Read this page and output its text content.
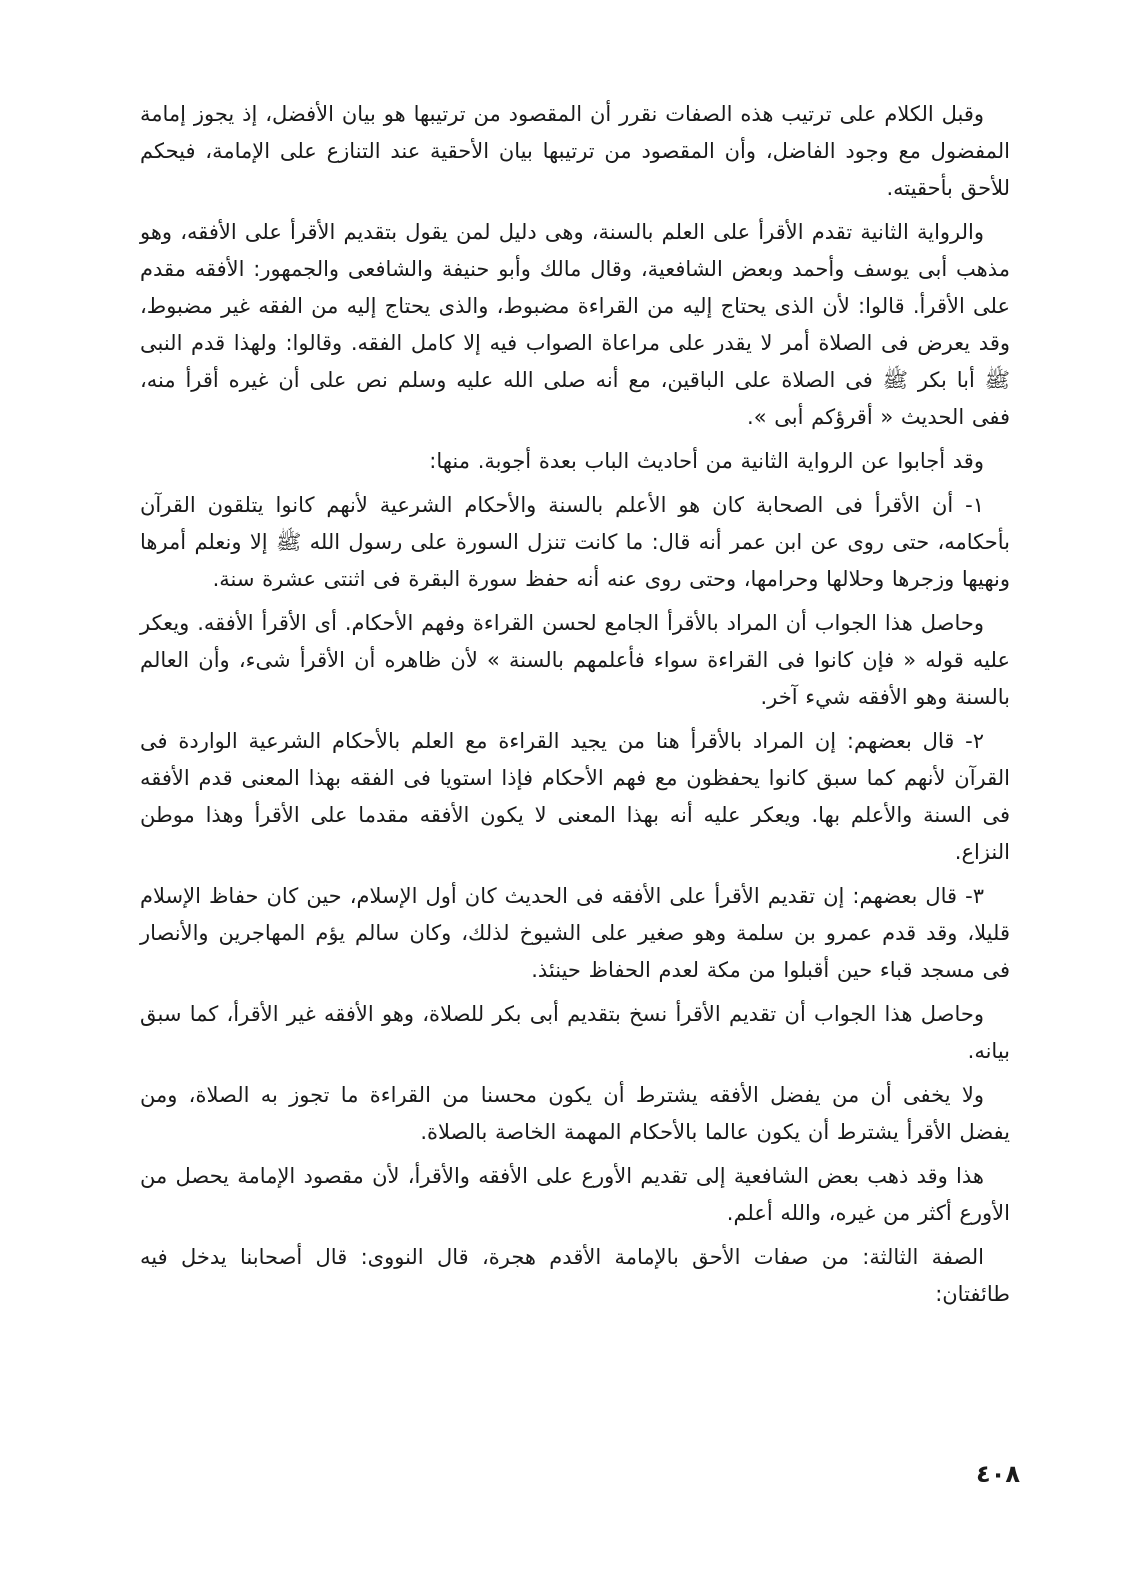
وقبل الكلام على ترتيب هذه الصفات نقرر أن المقصود من ترتيبها هو بيان الأفضل، إذ يجوز إمامة المفضول مع وجود الفاضل، وأن المقصود من ترتيبها بيان الأحقية عند التنازع على الإمامة، فيحكم للأحق بأحقيته.

والرواية الثانية تقدم الأقرأ على العلم بالسنة، وهى دليل لمن يقول بتقديم الأقرأ على الأفقه، وهو مذهب أبى يوسف وأحمد وبعض الشافعية، وقال مالك وأبو حنيفة والشافعى والجمهور: الأفقه مقدم على الأقرأ. قالوا: لأن الذى يحتاج إليه من القراءة مضبوط، والذى يحتاج إليه من الفقه غير مضبوط، وقد يعرض فى الصلاة أمر لا يقدر على مراعاة الصواب فيه إلا كامل الفقه. وقالوا: ولهذا قدم النبى ﷺ أبا بكر ﷺ فى الصلاة على الباقين، مع أنه صلى الله عليه وسلم نص على أن غيره أقرأ منه، ففى الحديث « أقرؤكم أبى ».

وقد أجابوا عن الرواية الثانية من أحاديث الباب بعدة أجوبة. منها:

١- أن الأقرأ فى الصحابة كان هو الأعلم بالسنة والأحكام الشرعية لأنهم كانوا يتلقون القرآن بأحكامه، حتى روى عن ابن عمر أنه قال: ما كانت تنزل السورة على رسول الله ﷺ إلا ونعلم أمرها ونهيها وزجرها وحلالها وحرامها، وحتى روى عنه أنه حفظ سورة البقرة فى اثنتى عشرة سنة.

وحاصل هذا الجواب أن المراد بالأقرأ الجامع لحسن القراءة وفهم الأحكام. أى الأقرأ الأفقه. ويعكر عليه قوله « فإن كانوا فى القراءة سواء فأعلمهم بالسنة » لأن ظاهره أن الأقرأ شىء، وأن العالم بالسنة وهو الأفقه شيء آخر.

٢- قال بعضهم: إن المراد بالأقرأ هنا من يجيد القراءة مع العلم بالأحكام الشرعية الواردة فى القرآن لأنهم كما سبق كانوا يحفظون مع فهم الأحكام فإذا استويا فى الفقه بهذا المعنى قدم الأفقه فى السنة والأعلم بها. ويعكر عليه أنه بهذا المعنى لا يكون الأفقه مقدما على الأقرأ وهذا موطن النزاع.

٣- قال بعضهم: إن تقديم الأقرأ على الأفقه فى الحديث كان أول الإسلام، حين كان حفاظ الإسلام قليلا، وقد قدم عمرو بن سلمة وهو صغير على الشيوخ لذلك، وكان سالم يؤم المهاجرين والأنصار فى مسجد قباء حين أقبلوا من مكة لعدم الحفاظ حينئذ.

وحاصل هذا الجواب أن تقديم الأقرأ نسخ بتقديم أبى بكر للصلاة، وهو الأفقه غير الأقرأ، كما سبق بيانه.

ولا يخفى أن من يفضل الأفقه يشترط أن يكون محسنا من القراءة ما تجوز به الصلاة، ومن يفضل الأقرأ يشترط أن يكون عالما بالأحكام المهمة الخاصة بالصلاة.

هذا وقد ذهب بعض الشافعية إلى تقديم الأورع على الأفقه والأقرأ، لأن مقصود الإمامة يحصل من الأورع أكثر من غيره، والله أعلم.

الصفة الثالثة: من صفات الأحق بالإمامة الأقدم هجرة، قال النووى: قال أصحابنا يدخل فيه طائفتان:

٤٠٨
